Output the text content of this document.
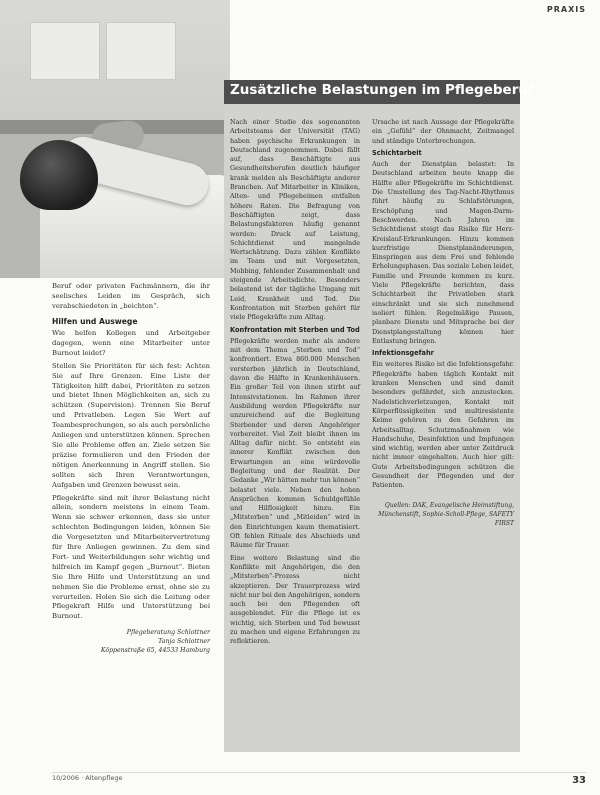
PRAXIS
Zusätzliche Belastungen im Pflegeberuf

Beruf oder privaten Fachmännern, die ihr seelisches Leiden im Gespräch, sich verabschiedeten in „beichten“.

Hilfen und Auswege

Wie helfen Kollegen und Arbeitgeber dagegen, wenn eine Mitarbeiter unter Burnout leidet?

Stellen Sie Prioritäten für sich fest: Achten Sie auf Ihre Grenzen. Eine Liste der Tätigkeiten hilft dabei, Prioritäten zu setzen und bietet Ihnen Möglichkeiten an, sich zu schützen (Supervision). Trennen Sie Beruf und Privatleben. Legen Sie Wert auf Teambesprechungen, so als auch persönliche Anliegen und unterstützen können. Sprechen Sie alle Probleme offen an. Ziele setzen Sie präzise formulieren und den Frieden der nötigen Anerkennung in Angriff stellen. Sie sollten sich Ihren Verantwortungen, Aufgaben und Grenzen bewusst sein.

Pflegekräfte sind mit ihrer Belastung nicht allein, sondern meistens in einem Team. Wenn sie schwer erkennen, dass sie unter schlechten Bedingungen leiden, können Sie die Vorgesetzten und Mitarbeitervertretung für Ihre Anliegen gewinnen. Zu dem sind Fort- und Weiterbildungen sehr wichtig und hilfreich im Kampf gegen „Burnout“. Bieten Sie Ihre Hilfe und Unterstützung an und nehmen Sie die Probleme ernst, ohne sie zu verurteilen. Holen Sie sich die Leitung oder Pflegekraft Hilfe und Unterstützung bei Burnout.

Pflegeberatung Schlottner
Tanja Schlottner
Köppenstraße 65, 44533 Hamburg

Nach einer Studie des sogenannten Arbeitsteams der Universität (TAG) haben psychische Erkrankungen in Deutschland zugenommen. Dabei fällt auf, dass Beschäftigte aus Gesundheitsberufen deutlich häufiger krank melden als Beschäftigte anderer Branchen. Auf Mitarbeiter in Kliniken, Alten- und Pflegeheimen entfallen höhere Raten. Die Befragung von Beschäftigten zeigt, dass Belastungsfaktoren häufig genannt werden: Druck auf Leistung, Schichtdienst und mangelnde Wertschätzung. Dazu zählen Konflikte im Team und mit Vorgesetzten, Mobbing, fehlender Zusammenhalt und steigende Arbeitsdichte. Besonders belastend ist der tägliche Umgang mit Leid, Krankheit und Tod. Die Konfrontation mit Sterben gehört für viele Pflegekräfte zum Alltag.

Konfrontation mit Sterben und Tod

Pflegekräfte werden mehr als andere mit dem Thema „Sterben und Tod“ konfrontiert. Etwa 860.000 Menschen versterben jährlich in Deutschland, davon die Hälfte in Krankenhäusern. Ein großer Teil von ihnen stirbt auf Intensivstationen. Im Rahmen ihrer Ausbildung werden Pflegekräfte nur unzureichend auf die Begleitung Sterbender und deren Angehöriger vorbereitet. Viel Zeit bleibt ihnen im Alltag dafür nicht. So entsteht ein innerer Konflikt zwischen den Erwartungen an eine würdevolle Begleitung und der Realität. Der Gedanke „Wir hätten mehr tun können“ belastet viele. Neben den hohen Ansprüchen kommen Schuldgefühle und Hilflosigkeit hinzu. Ein „Mitsterben“ und „Mitleiden“ wird in den Einrichtungen kaum thematisiert. Oft fehlen Rituale des Abschieds und Räume für Trauer.

Eine weitere Belastung sind die Konflikte mit Angehörigen, die den „Mitsterben“-Prozess nicht akzeptieren. Der Trauerprozess wird nicht nur bei den Angehörigen, sondern auch bei den Pflegenden oft ausgeblendet. Für die Pflege ist es wichtig, sich Sterben und Tod bewusst zu machen und eigene Erfahrungen zu reflektieren.

Ursache ist nach Aussage der Pflegekräfte ein „Gefühl“ der Ohnmacht, Zeitmangel und ständige Unterbrechungen.

Schichtarbeit

Auch der Dienstplan belastet: In Deutschland arbeiten heute knapp die Hälfte aller Pflegekräfte im Schichtdienst. Die Umstellung des Tag-Nacht-Rhythmus führt häufig zu Schlafstörungen, Erschöpfung und Magen-Darm-Beschwerden. Nach Jahren im Schichtdienst steigt das Risiko für Herz-Kreislauf-Erkrankungen. Hinzu kommen kurzfristige Dienstplanänderungen, Einspringen aus dem Frei und fehlende Erholungsphasen. Das soziale Leben leidet, Familie und Freunde kommen zu kurz. Viele Pflegekräfte berichten, dass Schichtarbeit ihr Privatleben stark einschränkt und sie sich zunehmend isoliert fühlen. Regelmäßige Pausen, planbare Dienste und Mitsprache bei der Dienstplangestaltung können hier Entlastung bringen.

Infektionsgefahr

Ein weiteres Risiko ist die Infektionsgefahr. Pflegekräfte haben täglich Kontakt mit kranken Menschen und sind damit besonders gefährdet, sich anzustecken. Nadelstichverletzungen, Kontakt mit Körperflüssigkeiten und multiresistente Keime gehören zu den Gefahren im Arbeitsalltag. Schutzmaßnahmen wie Handschuhe, Desinfektion und Impfungen sind wichtig, werden aber unter Zeitdruck nicht immer eingehalten. Auch hier gilt: Gute Arbeitsbedingungen schützen die Gesundheit der Pflegenden und der Patienten.

Quellen: DAK, Evangelische Heimstiftung, Münchenstift, Sophie-Scholl-Pflege, SAFETY FIRST
10/2006 · Altenpflege	33
